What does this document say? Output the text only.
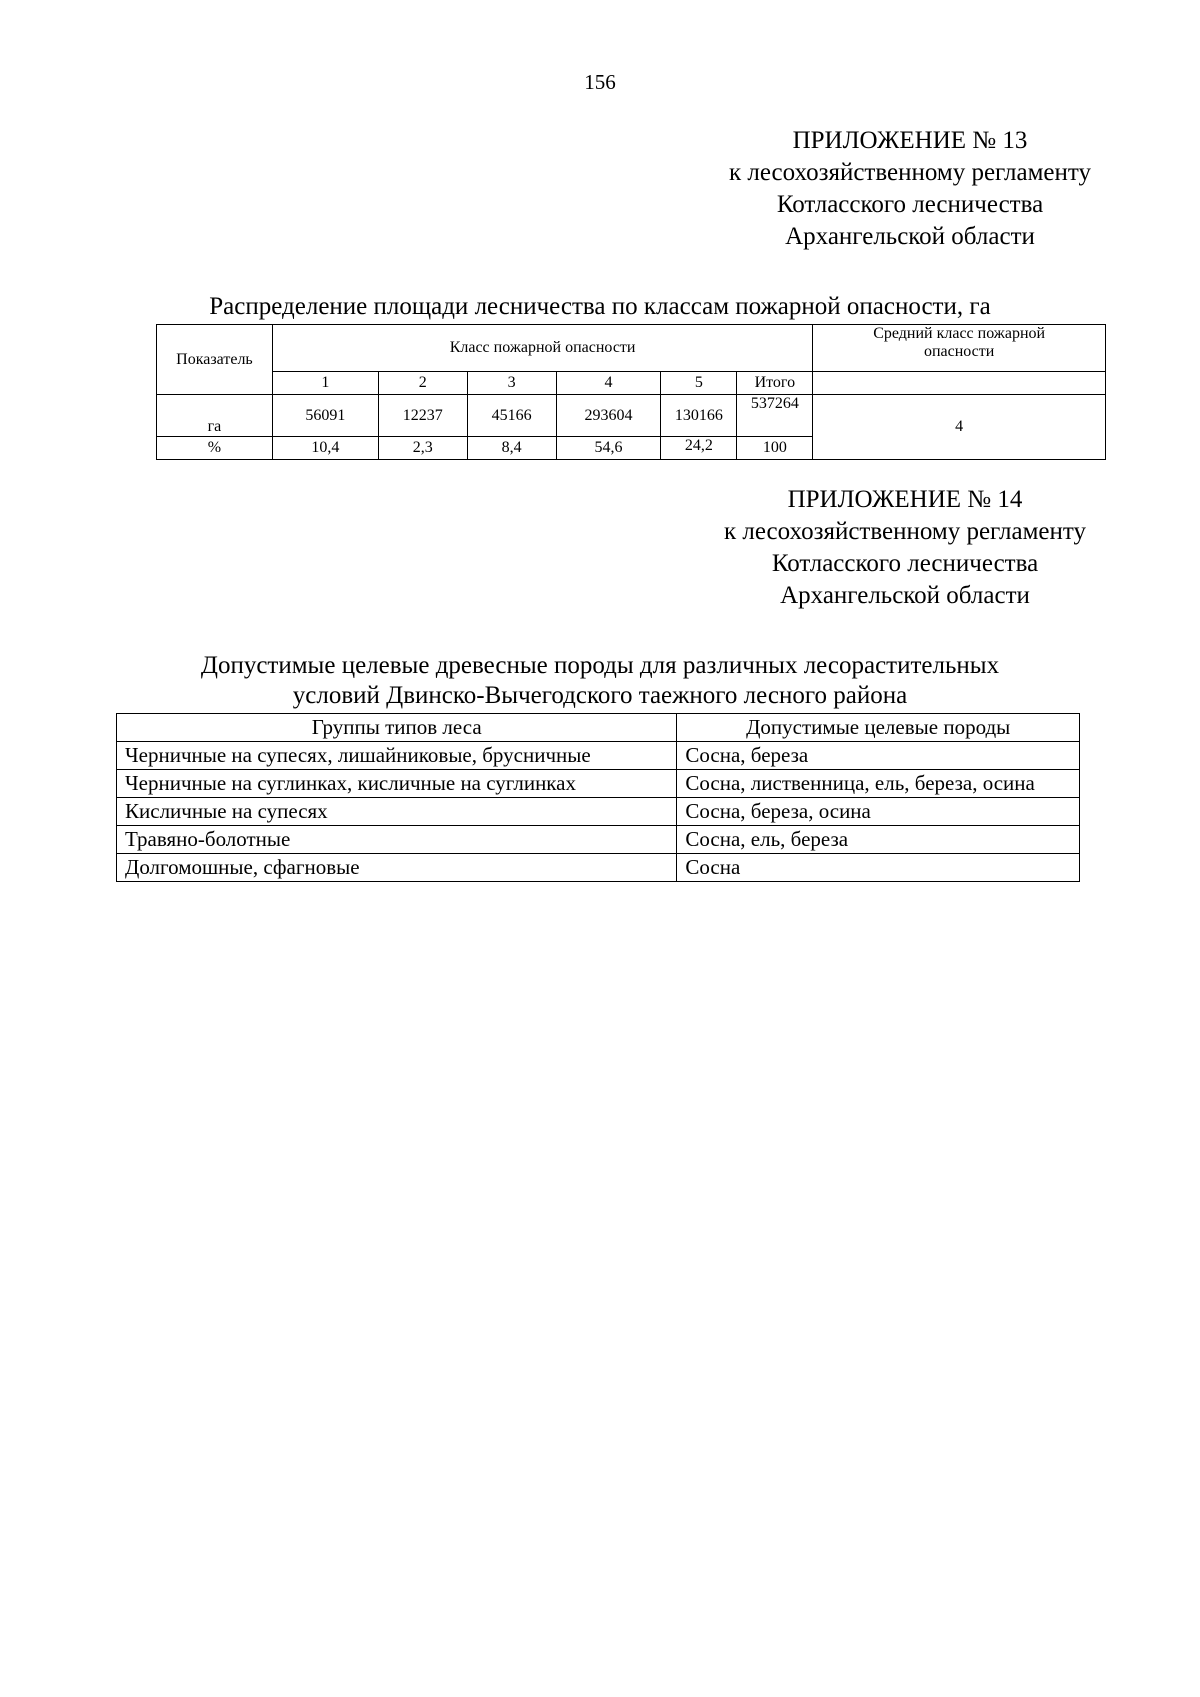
156
ПРИЛОЖЕНИЕ № 13
к лесохозяйственному регламенту
Котласского лесничества
Архангельской области
Распределение площади лесничества по классам пожарной опасности, га
Показатель	Класс пожарной опасности						Средний класс пожарной опасности
	1	2	3	4	5	Итого	
га	56091	12237	45166	293604	130166	537264	4
%	10,4	2,3	8,4	54,6	24,2	100	
ПРИЛОЖЕНИЕ № 14
к лесохозяйственному регламенту
Котласского лесничества
Архангельской области
Допустимые целевые древесные породы для различных лесорастительных
условий Двинско-Вычегодского таежного лесного района
Группы типов леса	Допустимые целевые породы
Черничные на супесях, лишайниковые, брусничные	Сосна, береза
Черничные на суглинках, кисличные на суглинках	Сосна, лиственница, ель, береза, осина
Кисличные на супесях	Сосна, береза, осина
Травяно-болотные	Сосна, ель, береза
Долгомошные, сфагновые	Сосна
